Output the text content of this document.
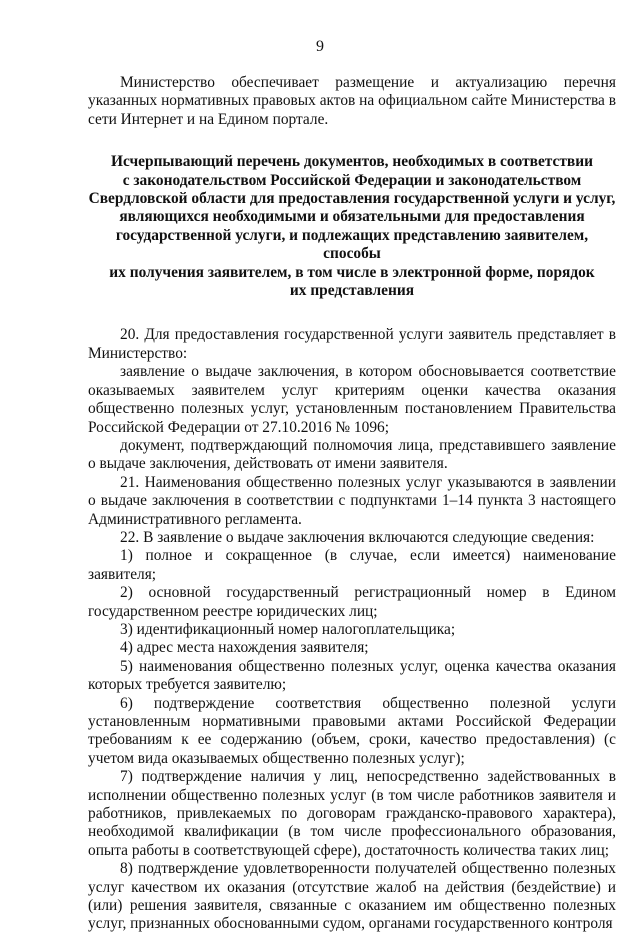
9

Министерство обеспечивает размещение и актуализацию перечня указанных нормативных правовых актов на официальном сайте Министерства в сети Интернет и на Едином портале.

Исчерпывающий перечень документов, необходимых в соответствии
с законодательством Российской Федерации и законодательством
Свердловской области для предоставления государственной услуги и услуг,
являющихся необходимыми и обязательными для предоставления
государственной услуги, и подлежащих представлению заявителем, способы
их получения заявителем, в том числе в электронной форме, порядок
их представления

20. Для предоставления государственной услуги заявитель представляет в Министерство:

заявление о выдаче заключения, в котором обосновывается соответствие оказываемых заявителем услуг критериям оценки качества оказания общественно полезных услуг, установленным постановлением Правительства Российской Федерации от 27.10.2016 № 1096;

документ, подтверждающий полномочия лица, представившего заявление о выдаче заключения, действовать от имени заявителя.

21. Наименования общественно полезных услуг указываются в заявлении о выдаче заключения в соответствии с подпунктами 1–14 пункта 3 настоящего Административного регламента.

22. В заявление о выдаче заключения включаются следующие сведения:

1) полное и сокращенное (в случае, если имеется) наименование заявителя;

2) основной государственный регистрационный номер в Едином государственном реестре юридических лиц;

3) идентификационный номер налогоплательщика;

4) адрес места нахождения заявителя;

5) наименования общественно полезных услуг, оценка качества оказания которых требуется заявителю;

6) подтверждение соответствия общественно полезной услуги установленным нормативными правовыми актами Российской Федерации требованиям к ее содержанию (объем, сроки, качество предоставления) (с учетом вида оказываемых общественно полезных услуг);

7) подтверждение наличия у лиц, непосредственно задействованных в исполнении общественно полезных услуг (в том числе работников заявителя и работников, привлекаемых по договорам гражданско-правового характера), необходимой квалификации (в том числе профессионального образования, опыта работы в соответствующей сфере), достаточность количества таких лиц;

8) подтверждение удовлетворенности получателей общественно полезных услуг качеством их оказания (отсутствие жалоб на действия (бездействие) и (или) решения заявителя, связанные с оказанием им общественно полезных услуг, признанных обоснованными судом, органами государственного контроля
